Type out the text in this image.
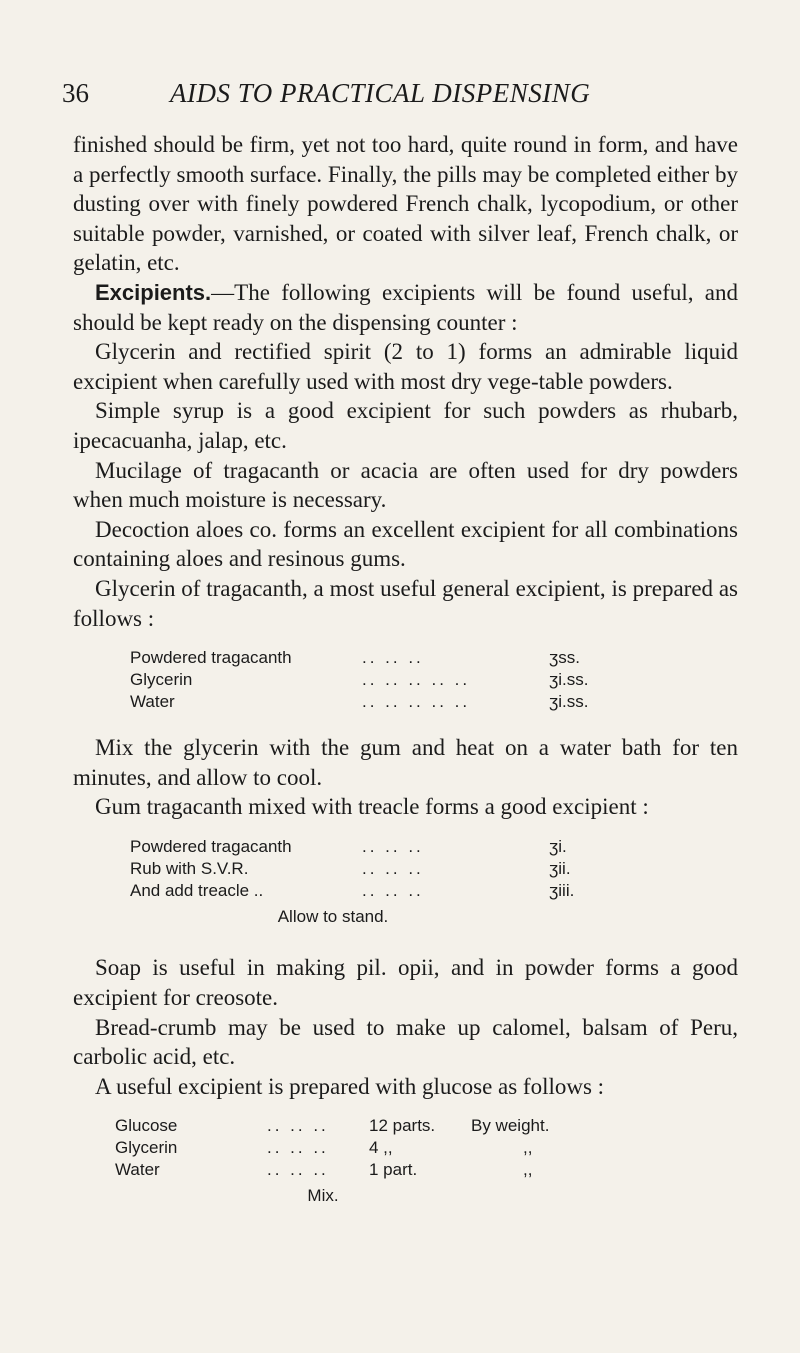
36	AIDS TO PRACTICAL DISPENSING

finished should be firm, yet not too hard, quite round in form, and have a perfectly smooth surface. Finally, the pills may be completed either by dusting over with finely powdered French chalk, lycopodium, or other suitable powder, varnished, or coated with silver leaf, French chalk, or gelatin, etc.

Excipients.—The following excipients will be found useful, and should be kept ready on the dispensing counter :

Glycerin and rectified spirit (2 to 1) forms an admirable liquid excipient when carefully used with most dry vege-table powders.

Simple syrup is a good excipient for such powders as rhubarb, ipecacuanha, jalap, etc.

Mucilage of tragacanth or acacia are often used for dry powders when much moisture is necessary.

Decoction aloes co. forms an excellent excipient for all combinations containing aloes and resinous gums.

Glycerin of tragacanth, a most useful general excipient, is prepared as follows :

Powdered tragacanth	.. .. ..	ʒss.
Glycerin	.. .. .. .. ..	ʒi.ss.
Water	.. .. .. .. ..	ʒi.ss.

Mix the glycerin with the gum and heat on a water bath for ten minutes, and allow to cool.

Gum tragacanth mixed with treacle forms a good excipient :

Powdered tragacanth	.. .. ..	ʒi.
Rub with S.V.R.	.. .. ..	ʒii.
And add treacle ..	.. .. ..	ʒiii.
Allow to stand.

Soap is useful in making pil. opii, and in powder forms a good excipient for creosote.

Bread-crumb may be used to make up calomel, balsam of Peru, carbolic acid, etc.

A useful excipient is prepared with glucose as follows :

Glucose	.. .. ..	12 parts.	By weight.
Glycerin	.. .. ..	4 ,,	,,
Water	.. .. ..	1 part.	,,
Mix.
